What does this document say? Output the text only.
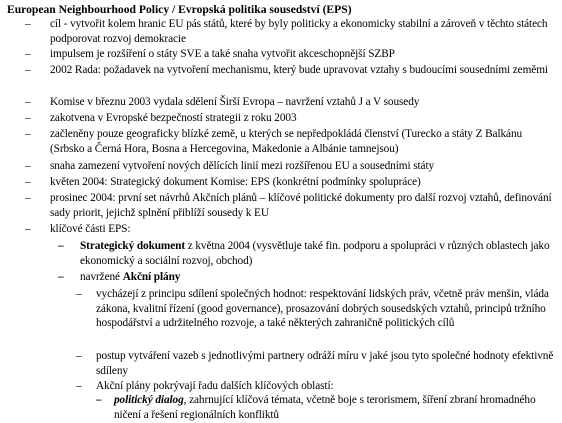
European Neighbourhood Policy / Evropská politika sousedství (EPS)
– cíl - vytvořit kolem hranic EU pás států, které by byly politicky a ekonomicky stabilní a zároveň v těchto státech podporovat rozvoj demokracie
– impulsem je rozšíření o státy SVE a také snaha vytvořit akceschopnější SZBP
– 2002 Rada: požadavek na vytvoření mechanismu, který bude upravovat vztahy s budoucími sousedními zeměmi
– Komise v březnu 2003 vydala sdělení Širší Evropa – navržení vztahů J a V sousedy
– zakotvena v Evropské bezpečností strategii z roku 2003
– začleněny pouze geograficky blízké země, u kterých se nepředpokládá členství (Turecko a státy Z Balkánu (Srbsko a Černá Hora, Bosna a Hercegovina, Makedonie a Albánie tamnejsou)
– snaha zamezení vytvoření nových dělících linií mezi rozšířenou EU a sousedními státy
– květen 2004: Strategický dokument Komise: EPS (konkrétní podmínky spolupráce)
– prosinec 2004: první set návrhů Akčních plánů – klíčové politické dokumenty pro další rozvoj vztahů, definování sady priorit, jejichž splnění přiblíží sousedy k EU
– klíčové části EPS:
– Strategický dokument z května 2004 (vysvětluje také fin. podporu a spolupráci v různých oblastech jako ekonomický a sociální rozvoj, obchod)
– navržené Akční plány
– vycházejí z principu sdílení společných hodnot: respektování lidských práv, včetně práv menšin, vláda zákona, kvalitní řízení (good governance), prosazování dobrých sousedských vztahů, principů tržního hospodářství a udržitelného rozvoje, a také některých zahraničně politických cílů
– postup vytváření vazeb s jednotlivými partnery odráží míru v jaké jsou tyto společné hodnoty efektivně sdíleny
– Akční plány pokrývají řadu dalších klíčových oblastí:
– politický dialog, zahrnující klíčová témata, včetně boje s terorismem, šíření zbraní hromadného ničení a řešení regionálních konfliktů
